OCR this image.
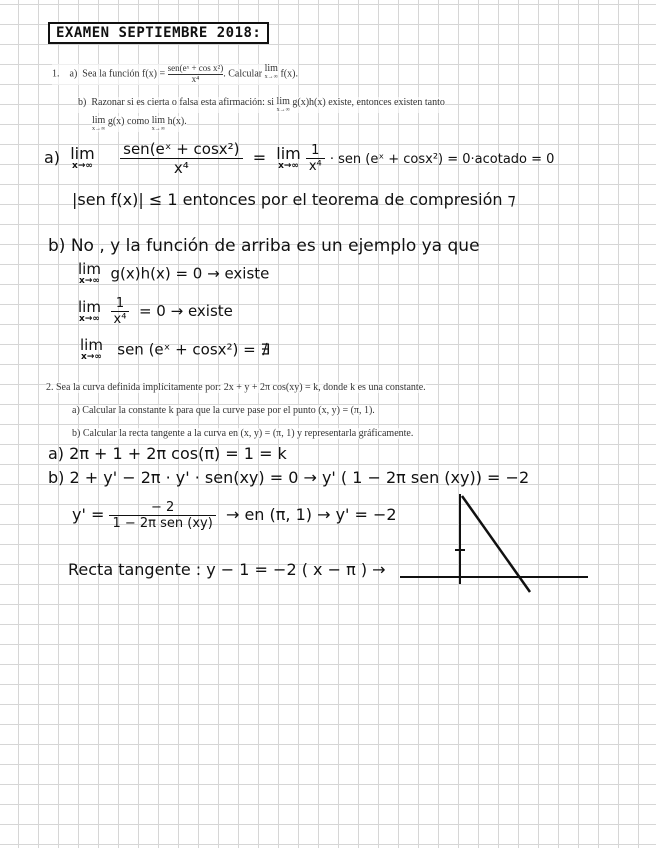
EXAMEN SEPTIEMBRE 2018:
1. a) Sea la función $f(x) = \frac{\text{sen(eˣ + cos x²)}}{\text{x⁴}}$. Calcular lim
x→∞ f(x).
b) Razonar si es cierta o falsa esta afirmación: si lim
x→∞
g(x)h(x) existe, entonces existen tanto
lim
x→∞
g(x) como lim
x→∞
h(x).
a) lim
x→∞
$\frac{\text{sen(eˣ + cosx²)}}{\text{x⁴}} = \lim$
x→∞
$\frac{1}{\text{x⁴}}$ · sen (eˣ + cosx²) = 0·acotado = 0
|sen f(x)| ≤ 1 entonces por el teorema de compresión ⁊
b) No , y la función de arriba es un ejemplo ya que
lim
x→∞ g(x)h(x) = 0 → existe
lim
x→∞
$\frac{1}{\text{x⁴}} = 0$ → existe
lim
x→∞ sen (eˣ + cosx²) = ∄
2. Sea la curva definida implícitamente por: 2x + y + 2π cos(xy) = k, donde k es una constante.
a) Calcular la constante k para que la curve pase por el punto (x, y) = (π, 1).
b) Calcular la recta tangente a la curva en (x, y) = (π, 1) y representarla gráficamente.
a) 2π + 1 + 2π cos(π) = 1 = k
b) 2 + y' − 2π · y' · sen(xy) = 0 → y' ( 1 − 2π sen (xy)) = −2
$y' = \frac{- 2}{\text{1 − 2π sen (xy)}}$ → en (π, 1) → y' = −2
Recta tangente : y − 1 = −2 ( x − π ) →
